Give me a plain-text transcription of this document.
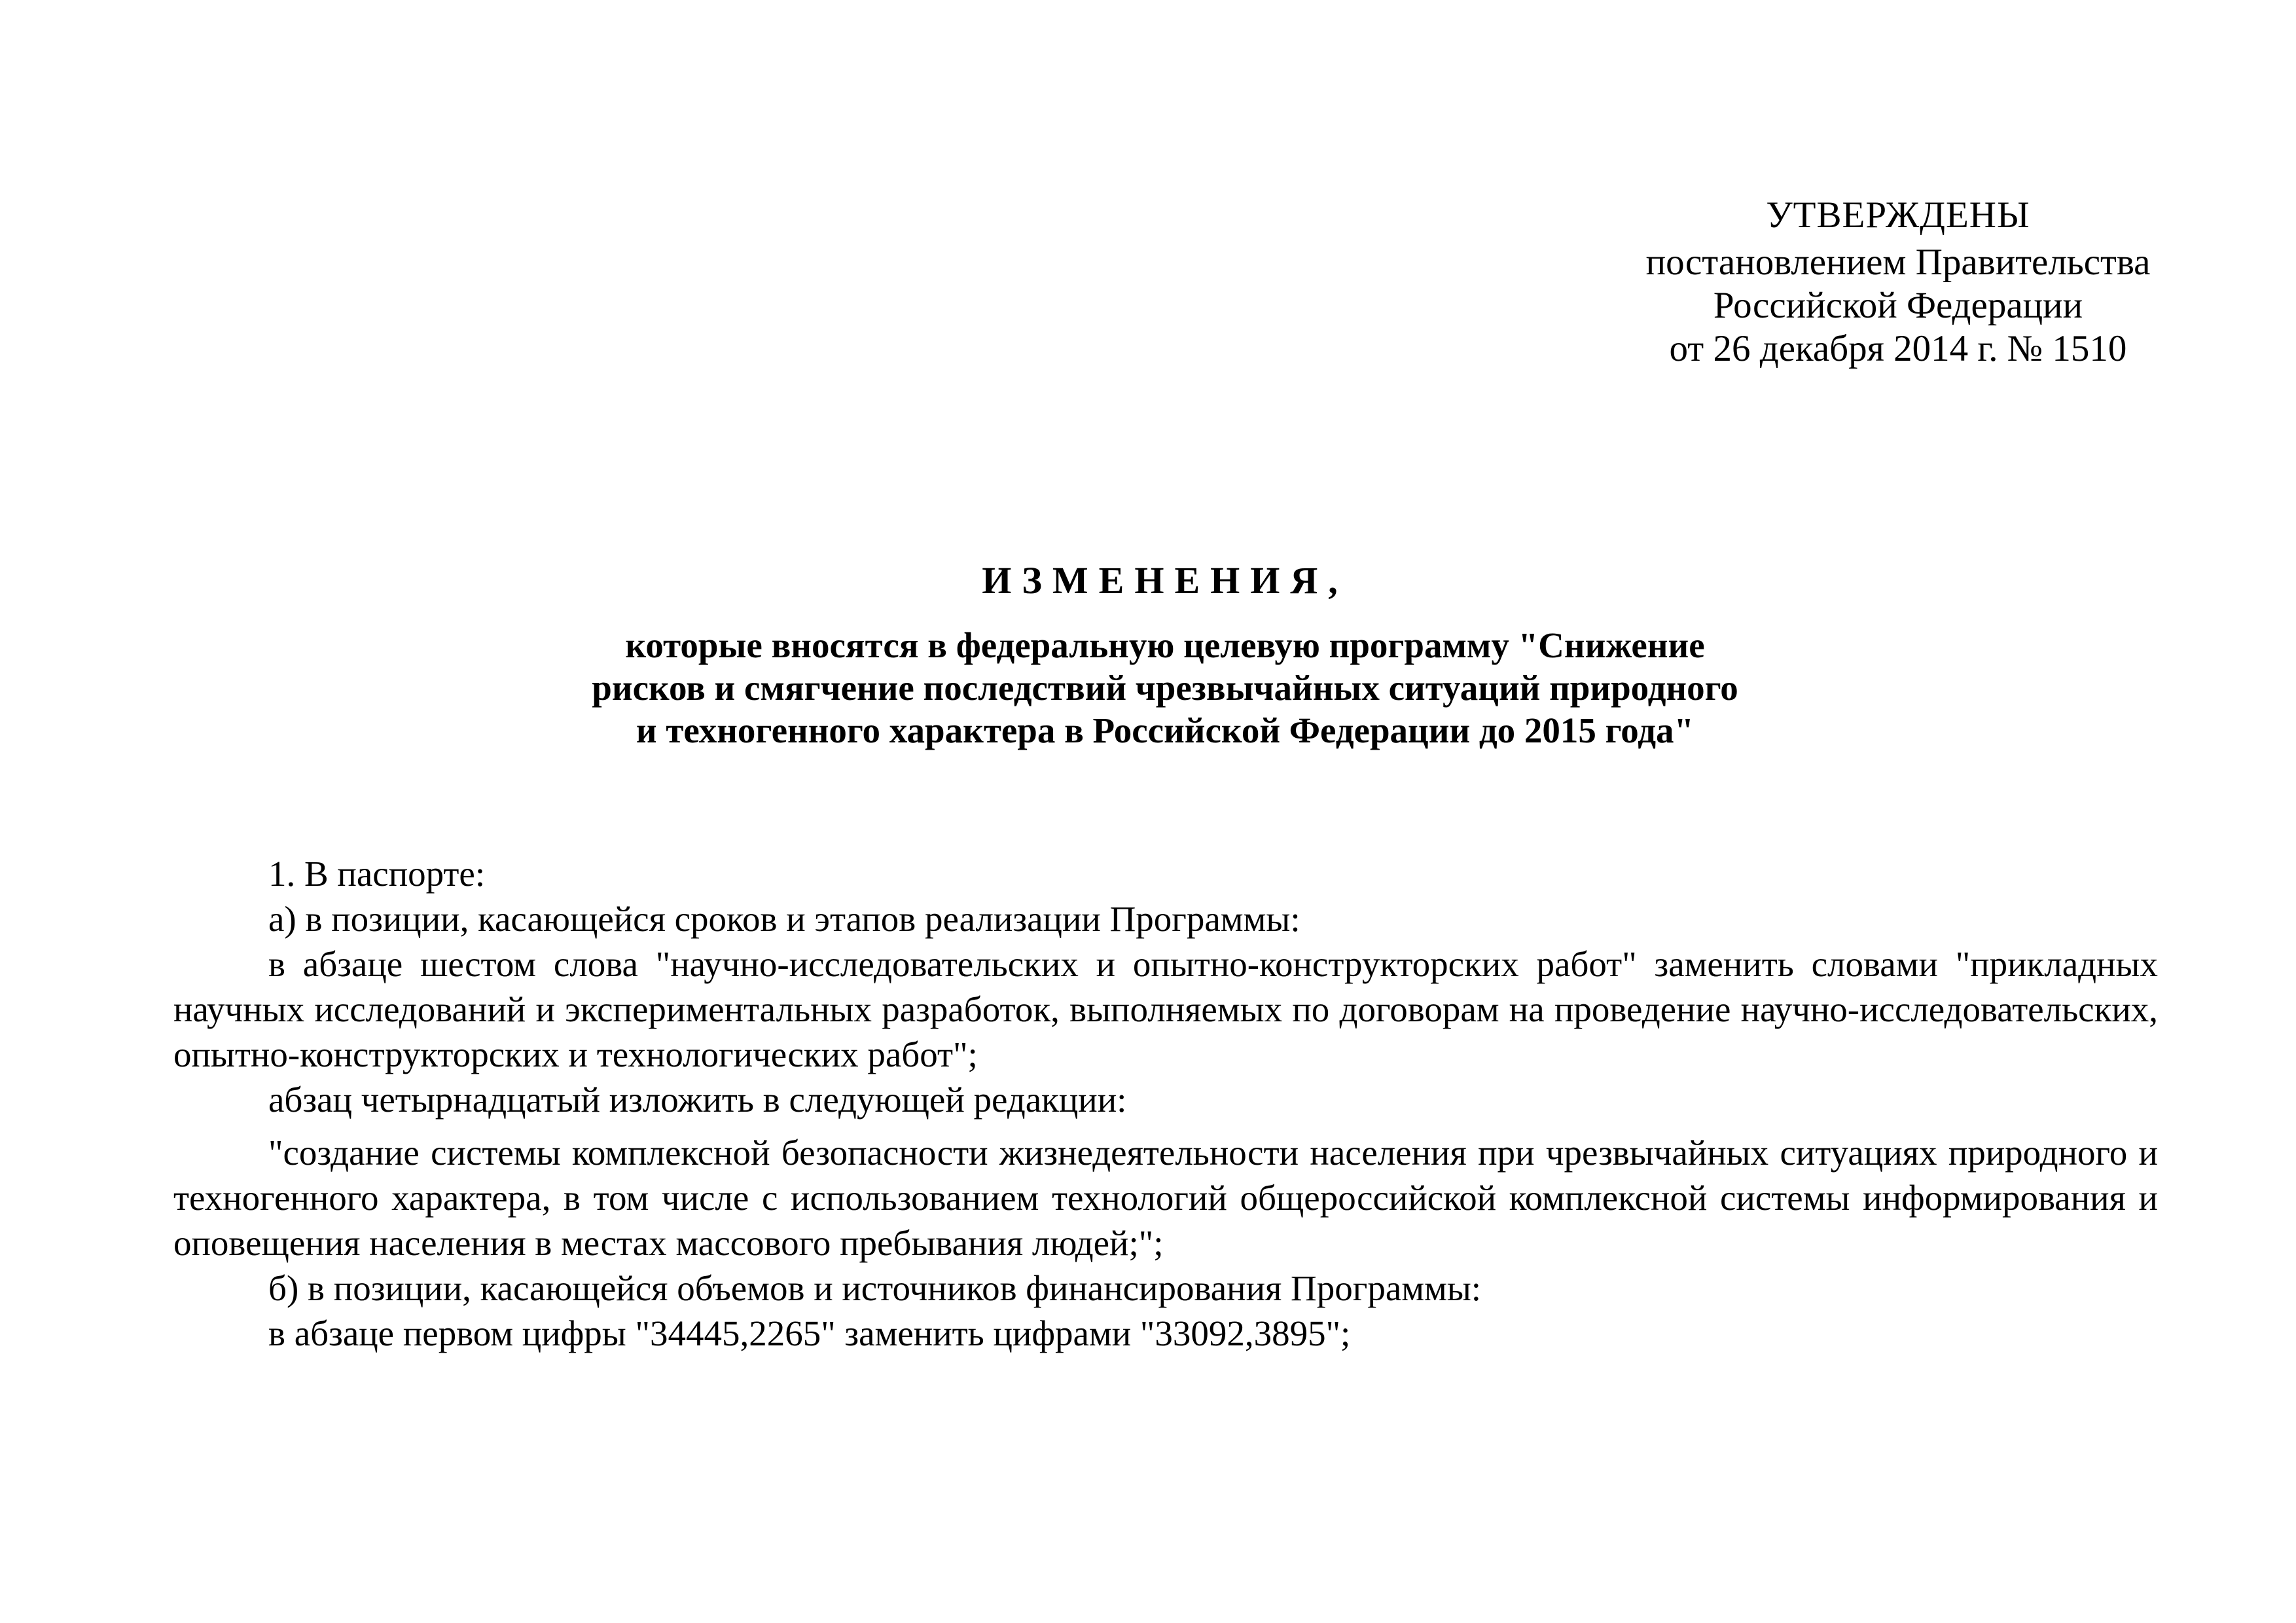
УТВЕРЖДЕНЫ
постановлением Правительства
Российской Федерации
от 26 декабря 2014 г. № 1510
ИЗМЕНЕНИЯ,
которые вносятся в федеральную целевую программу "Снижение
рисков и смягчение последствий чрезвычайных ситуаций природного
и техногенного характера в Российской Федерации до 2015 года"

1. В паспорте:

а) в позиции, касающейся сроков и этапов реализации Программы:

в абзаце шестом слова "научно-исследовательских и опытно-конструкторских работ" заменить словами "прикладных научных исследований и экспериментальных разработок, выполняемых по договорам на проведение научно-исследовательских, опытно-конструкторских и технологических работ";

абзац четырнадцатый изложить в следующей редакции:

"создание системы комплексной безопасности жизнедеятельности населения при чрезвычайных ситуациях природного и техногенного характера, в том числе с использованием технологий общероссийской комплексной системы информирования и оповещения населения в местах массового пребывания людей;";

б) в позиции, касающейся объемов и источников финансирования Программы:

в абзаце первом цифры "34445,2265" заменить цифрами "33092,3895";
